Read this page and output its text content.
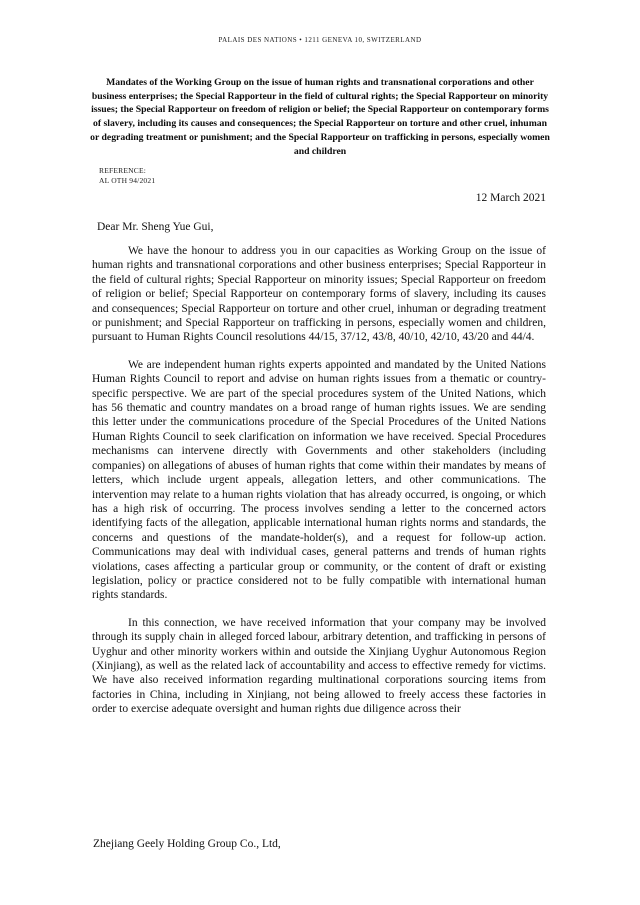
PALAIS DES NATIONS • 1211 GENEVA 10, SWITZERLAND
Mandates of the Working Group on the issue of human rights and transnational corporations and other business enterprises; the Special Rapporteur in the field of cultural rights; the Special Rapporteur on minority issues; the Special Rapporteur on freedom of religion or belief; the Special Rapporteur on contemporary forms of slavery, including its causes and consequences; the Special Rapporteur on torture and other cruel, inhuman or degrading treatment or punishment; and the Special Rapporteur on trafficking in persons, especially women and children
REFERENCE:
AL OTH 94/2021
12 March 2021
Dear Mr. Sheng Yue Gui,

We have the honour to address you in our capacities as Working Group on the issue of human rights and transnational corporations and other business enterprises; Special Rapporteur in the field of cultural rights; Special Rapporteur on minority issues; Special Rapporteur on freedom of religion or belief; Special Rapporteur on contemporary forms of slavery, including its causes and consequences; Special Rapporteur on torture and other cruel, inhuman or degrading treatment or punishment; and Special Rapporteur on trafficking in persons, especially women and children, pursuant to Human Rights Council resolutions 44/15, 37/12, 43/8, 40/10, 42/10, 43/20 and 44/4.

We are independent human rights experts appointed and mandated by the United Nations Human Rights Council to report and advise on human rights issues from a thematic or country-specific perspective. We are part of the special procedures system of the United Nations, which has 56 thematic and country mandates on a broad range of human rights issues. We are sending this letter under the communications procedure of the Special Procedures of the United Nations Human Rights Council to seek clarification on information we have received. Special Procedures mechanisms can intervene directly with Governments and other stakeholders (including companies) on allegations of abuses of human rights that come within their mandates by means of letters, which include urgent appeals, allegation letters, and other communications. The intervention may relate to a human rights violation that has already occurred, is ongoing, or which has a high risk of occurring. The process involves sending a letter to the concerned actors identifying facts of the allegation, applicable international human rights norms and standards, the concerns and questions of the mandate-holder(s), and a request for follow-up action. Communications may deal with individual cases, general patterns and trends of human rights violations, cases affecting a particular group or community, or the content of draft or existing legislation, policy or practice considered not to be fully compatible with international human rights standards.

In this connection, we have received information that your company may be involved through its supply chain in alleged forced labour, arbitrary detention, and trafficking in persons of Uyghur and other minority workers within and outside the Xinjiang Uyghur Autonomous Region (Xinjiang), as well as the related lack of accountability and access to effective remedy for victims. We have also received information regarding multinational corporations sourcing items from factories in China, including in Xinjiang, not being allowed to freely access these factories in order to exercise adequate oversight and human rights due diligence across their

Zhejiang Geely Holding Group Co., Ltd,
